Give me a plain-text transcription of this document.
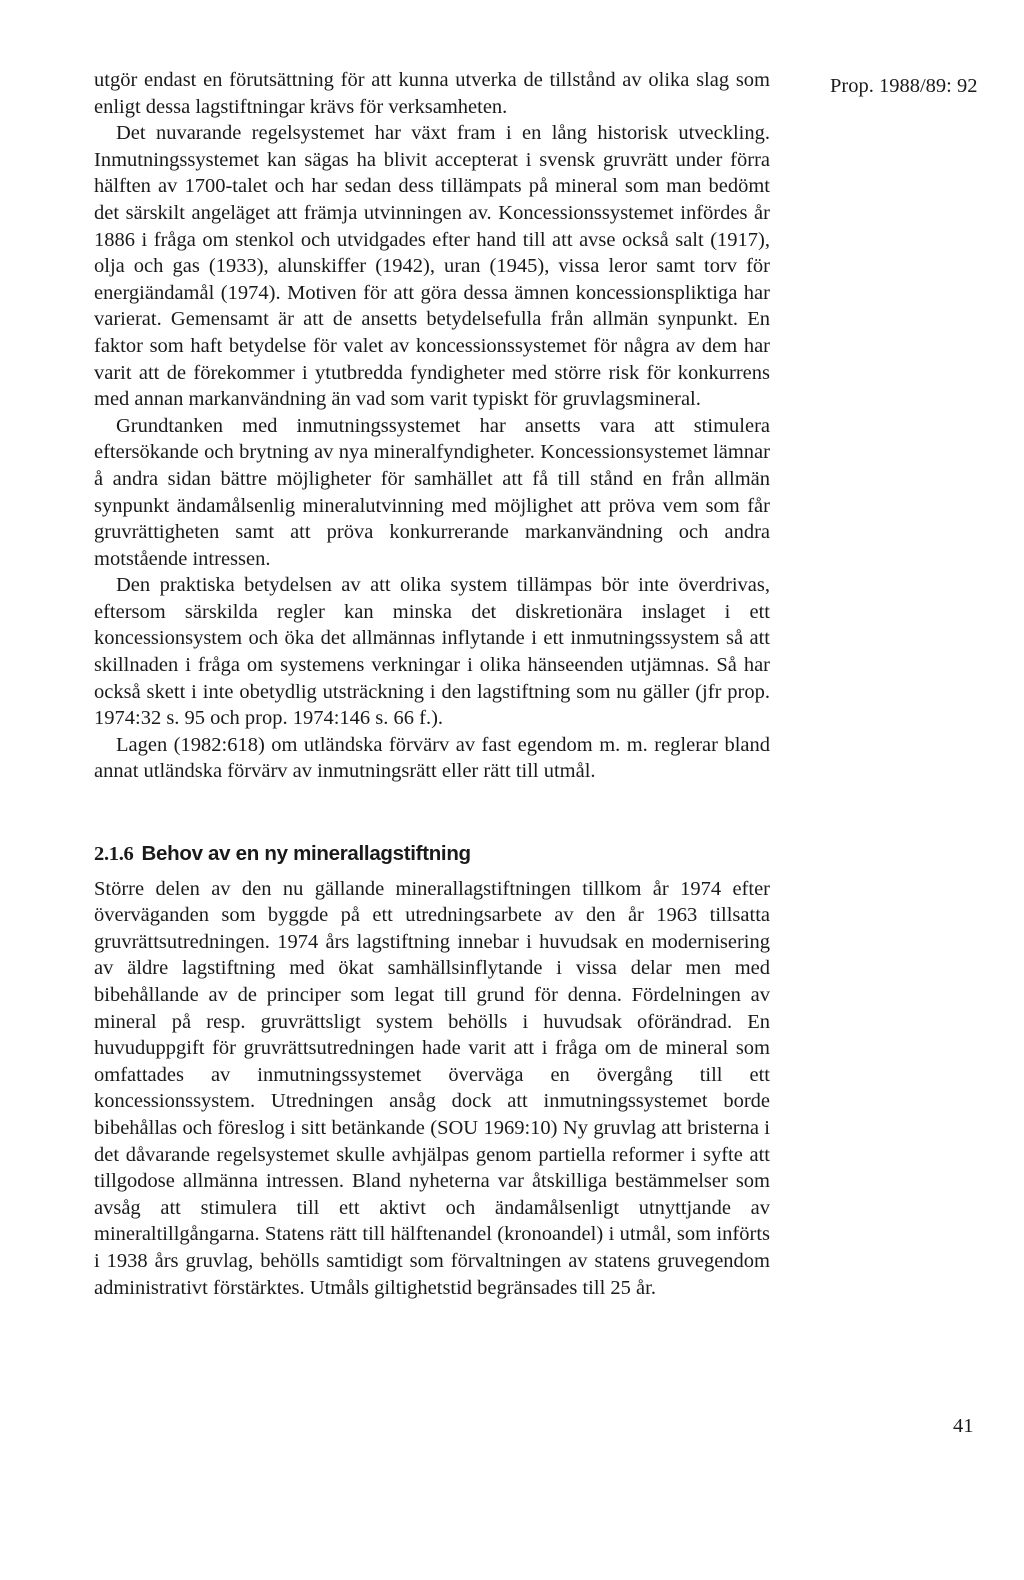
Prop. 1988/89: 92

utgör endast en förutsättning för att kunna utverka de tillstånd av olika slag som enligt dessa lagstiftningar krävs för verksamheten.

Det nuvarande regelsystemet har växt fram i en lång historisk utveckling. Inmutningssystemet kan sägas ha blivit accepterat i svensk gruvrätt under förra hälften av 1700-talet och har sedan dess tillämpats på mineral som man bedömt det särskilt angeläget att främja utvinningen av. Koncessionssystemet infördes år 1886 i fråga om stenkol och utvidgades efter hand till att avse också salt (1917), olja och gas (1933), alunskiffer (1942), uran (1945), vissa leror samt torv för energiändamål (1974). Motiven för att göra dessa ämnen koncessionspliktiga har varierat. Gemensamt är att de ansetts betydelsefulla från allmän synpunkt. En faktor som haft betydelse för valet av koncessionssystemet för några av dem har varit att de förekommer i ytutbredda fyndigheter med större risk för konkurrens med annan markanvändning än vad som varit typiskt för gruvlagsmineral.

Grundtanken med inmutningssystemet har ansetts vara att stimulera eftersökande och brytning av nya mineralfyndigheter. Koncessionsystemet lämnar å andra sidan bättre möjligheter för samhället att få till stånd en från allmän synpunkt ändamålsenlig mineralutvinning med möjlighet att pröva vem som får gruvrättigheten samt att pröva konkurrerande markanvändning och andra motstående intressen.

Den praktiska betydelsen av att olika system tillämpas bör inte överdrivas, eftersom särskilda regler kan minska det diskretionära inslaget i ett koncessionsystem och öka det allmännas inflytande i ett inmutningssystem så att skillnaden i fråga om systemens verkningar i olika hänseenden utjämnas. Så har också skett i inte obetydlig utsträckning i den lagstiftning som nu gäller (jfr prop. 1974:32 s. 95 och prop. 1974:146 s. 66 f.).

Lagen (1982:618) om utländska förvärv av fast egendom m. m. reglerar bland annat utländska förvärv av inmutningsrätt eller rätt till utmål.

2.1.6 Behov av en ny minerallagstiftning

Större delen av den nu gällande minerallagstiftningen tillkom år 1974 efter överväganden som byggde på ett utredningsarbete av den år 1963 tillsatta gruvrättsutredningen. 1974 års lagstiftning innebar i huvudsak en modernisering av äldre lagstiftning med ökat samhällsinflytande i vissa delar men med bibehållande av de principer som legat till grund för denna. Fördelningen av mineral på resp. gruvrättsligt system behölls i huvudsak oförändrad. En huvuduppgift för gruvrättsutredningen hade varit att i fråga om de mineral som omfattades av inmutningssystemet överväga en övergång till ett koncessionssystem. Utredningen ansåg dock att inmutningssystemet borde bibehållas och föreslog i sitt betänkande (SOU 1969:10) Ny gruvlag att bristerna i det dåvarande regelsystemet skulle avhjälpas genom partiella reformer i syfte att tillgodose allmänna intressen. Bland nyheterna var åtskilliga bestämmelser som avsåg att stimulera till ett aktivt och ändamålsenligt utnyttjande av mineraltillgångarna. Statens rätt till hälftenandel (kronoandel) i utmål, som införts i 1938 års gruvlag, behölls samtidigt som förvaltningen av statens gruvegendom administrativt förstärktes. Utmåls giltighetstid begränsades till 25 år.

41
